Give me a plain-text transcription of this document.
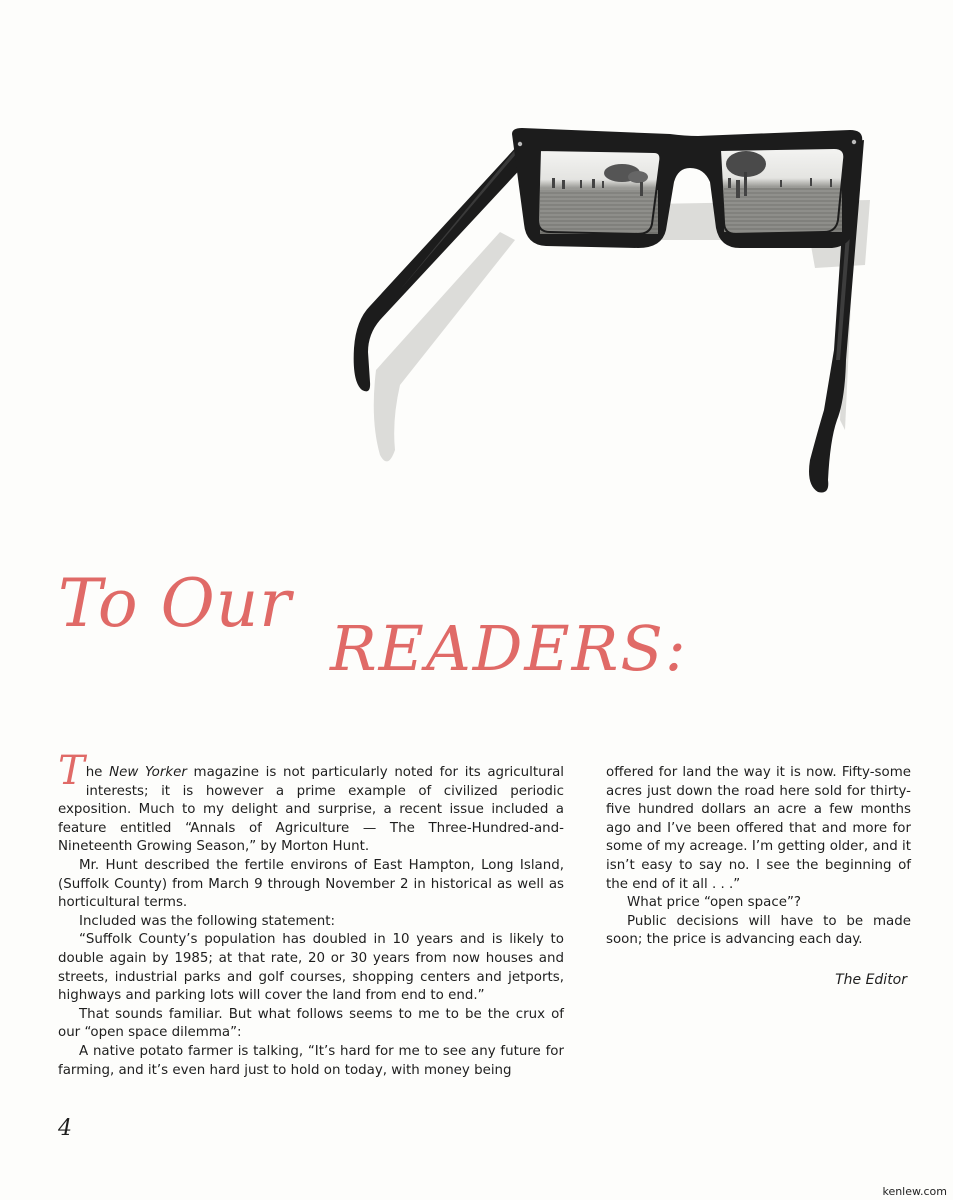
To Our
READERS:

The New Yorker magazine is not particularly noted for its agricultural interests; it is however a prime example of civilized periodic exposition. Much to my delight and surprise, a recent issue included a feature entitled “Annals of Agriculture — The Three-Hundred-and-Nineteenth Growing Season,” by Morton Hunt.

Mr. Hunt described the fertile environs of East Hampton, Long Island, (Suffolk County) from March 9 through November 2 in historical as well as horticultural terms.

Included was the following statement:

“Suffolk County’s population has doubled in 10 years and is likely to double again by 1985; at that rate, 20 or 30 years from now houses and streets, industrial parks and golf courses, shopping centers and jetports, highways and parking lots will cover the land from end to end.”

That sounds familiar. But what follows seems to me to be the crux of our “open space dilemma”:

A native potato farmer is talking, “It’s hard for me to see any future for farming, and it’s even hard just to hold on today, with money being

offered for land the way it is now. Fifty-some acres just down the road here sold for thirty-five hundred dollars an acre a few months ago and I’ve been offered that and more for some of my acreage. I’m getting older, and it isn’t easy to say no. I see the beginning of the end of it all . . .”

What price “open space”?

Public decisions will have to be made soon; the price is advancing each day.

The Editor
4
kenlew.com
